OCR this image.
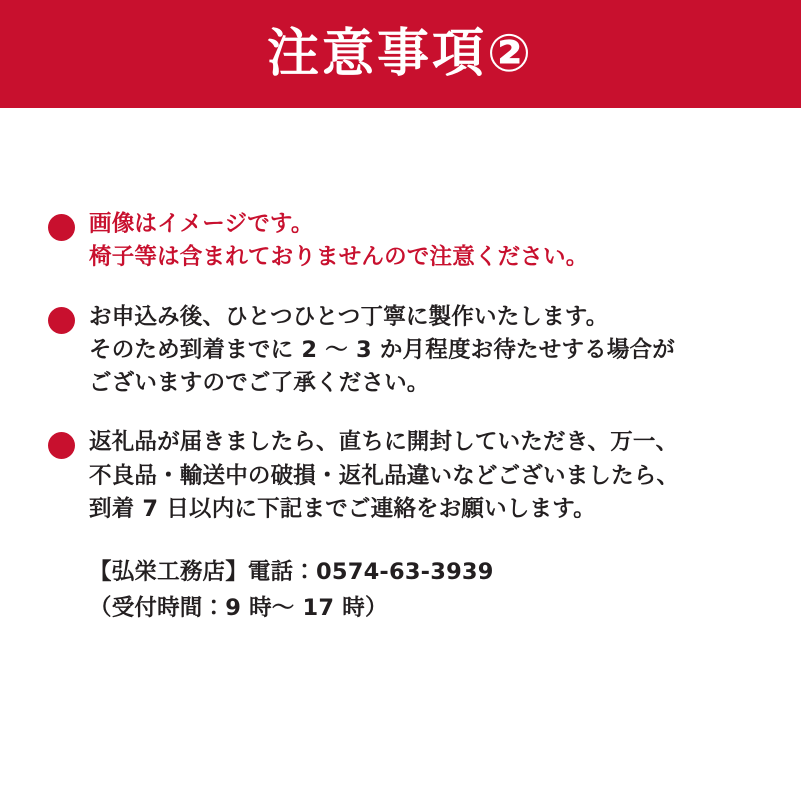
注意事項②
画像はイメージです。
椅子等は含まれておりませんので注意ください。
お申込み後、ひとつひとつ丁寧に製作いたします。
そのため到着までに 2 〜 3 か月程度お待たせする場合が
ございますのでご了承ください。
返礼品が届きましたら、直ちに開封していただき、万一、
不良品・輸送中の破損・返礼品違いなどございましたら、
到着 7 日以内に下記までご連絡をお願いします。
【弘栄工務店】電話：0574-63-3939
（受付時間：9 時〜 17 時）
